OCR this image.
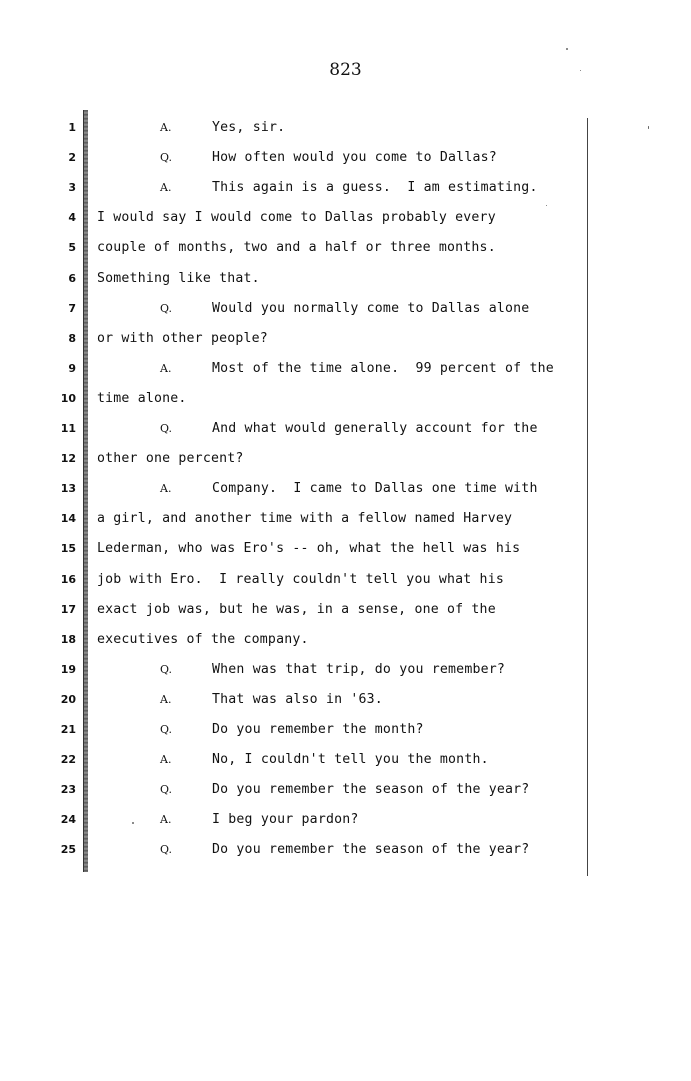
823
1	A.	Yes, sir.
2	Q.	How often would you come to Dallas?
3	A.	This again is a guess.  I am estimating.
4 I would say I would come to Dallas probably every
5 couple of months, two and a half or three months.
6 Something like that.
7	Q.	Would you normally come to Dallas alone
8 or with other people?
9	A.	Most of the time alone.  99 percent of the
10 time alone.
11	Q.	And what would generally account for the
12 other one percent?
13	A.	Company.  I came to Dallas one time with
14 a girl, and another time with a fellow named Harvey
15 Lederman, who was Ero's -- oh, what the hell was his
16 job with Ero.  I really couldn't tell you what his
17 exact job was, but he was, in a sense, one of the
18 executives of the company.
19	Q.	When was that trip, do you remember?
20	A.	That was also in '63.
21	Q.	Do you remember the month?
22	A.	No, I couldn't tell you the month.
23	Q.	Do you remember the season of the year?
24	A.	I beg your pardon?
25	Q.	Do you remember the season of the year?
